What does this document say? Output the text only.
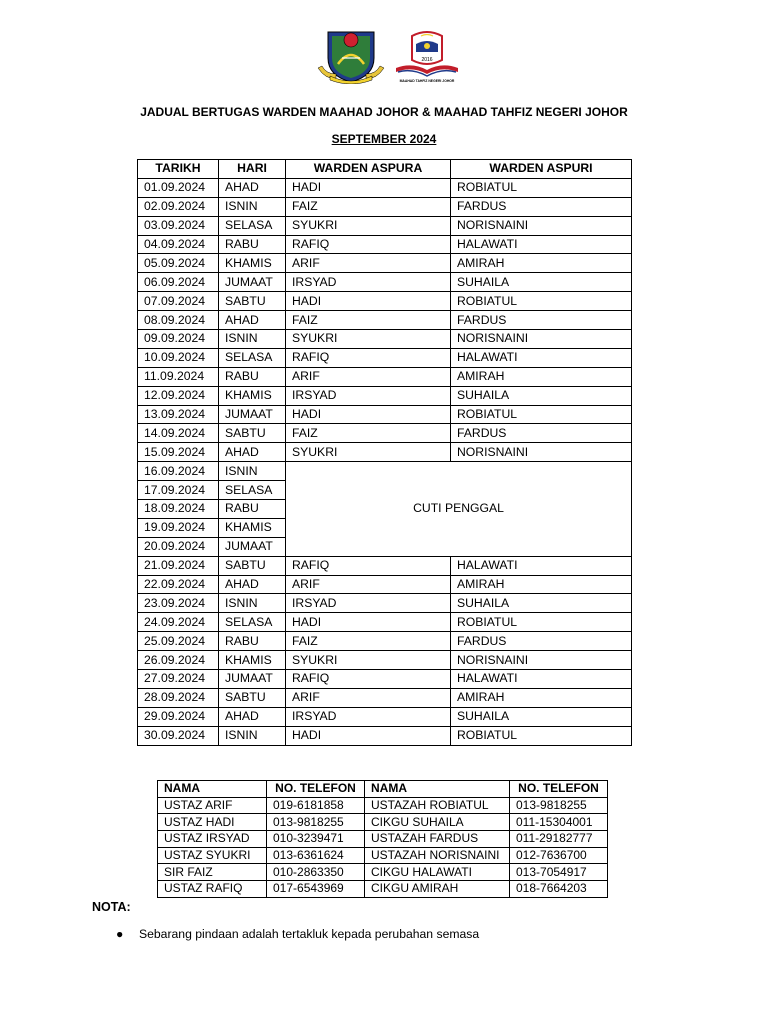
2016
MAAHAD TAHFIZ NEGERI JOHOR
JADUAL BERTUGAS WARDEN MAAHAD JOHOR & MAAHAD TAHFIZ NEGERI JOHOR
SEPTEMBER 2024
TARIKH	HARI	WARDEN ASPURA	WARDEN ASPURI
01.09.2024	AHAD	HADI	ROBIATUL
02.09.2024	ISNIN	FAIZ	FARDUS
03.09.2024	SELASA	SYUKRI	NORISNAINI
04.09.2024	RABU	RAFIQ	HALAWATI
05.09.2024	KHAMIS	ARIF	AMIRAH
06.09.2024	JUMAAT	IRSYAD	SUHAILA
07.09.2024	SABTU	HADI	ROBIATUL
08.09.2024	AHAD	FAIZ	FARDUS
09.09.2024	ISNIN	SYUKRI	NORISNAINI
10.09.2024	SELASA	RAFIQ	HALAWATI
11.09.2024	RABU	ARIF	AMIRAH
12.09.2024	KHAMIS	IRSYAD	SUHAILA
13.09.2024	JUMAAT	HADI	ROBIATUL
14.09.2024	SABTU	FAIZ	FARDUS
15.09.2024	AHAD	SYUKRI	NORISNAINI
16.09.2024	ISNIN	CUTI PENGGAL	
17.09.2024	SELASA		
18.09.2024	RABU		
19.09.2024	KHAMIS		
20.09.2024	JUMAAT		
21.09.2024	SABTU	RAFIQ	HALAWATI
22.09.2024	AHAD	ARIF	AMIRAH
23.09.2024	ISNIN	IRSYAD	SUHAILA
24.09.2024	SELASA	HADI	ROBIATUL
25.09.2024	RABU	FAIZ	FARDUS
26.09.2024	KHAMIS	SYUKRI	NORISNAINI
27.09.2024	JUMAAT	RAFIQ	HALAWATI
28.09.2024	SABTU	ARIF	AMIRAH
29.09.2024	AHAD	IRSYAD	SUHAILA
30.09.2024	ISNIN	HADI	ROBIATUL
NAMA	NO. TELEFON	NAMA	NO. TELEFON
USTAZ ARIF	019-6181858	USTAZAH ROBIATUL	013-9818255
USTAZ HADI	013-9818255	CIKGU SUHAILA	011-15304001
USTAZ IRSYAD	010-3239471	USTAZAH FARDUS	011-29182777
USTAZ SYUKRI	013-6361624	USTAZAH NORISNAINI	012-7636700
SIR FAIZ	010-2863350	CIKGU HALAWATI	013-7054917
USTAZ RAFIQ	017-6543969	CIKGU AMIRAH	018-7664203
NOTA:
● Sebarang pindaan adalah tertakluk kepada perubahan semasa
